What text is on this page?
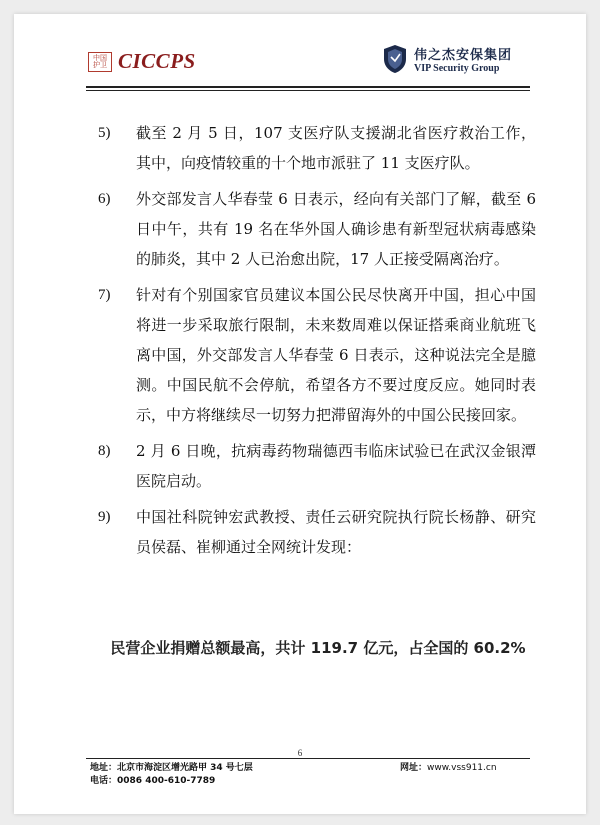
中国
护卫 CICCPS	伟之杰安保集团
VIP Security Group
5)	截至 2 月 5 日，107 支医疗队支援湖北省医疗救治工作，其中，向疫情较重的十个地市派驻了 11 支医疗队。
6)	外交部发言人华春莹 6 日表示，经向有关部门了解，截至 6 日中午，共有 19 名在华外国人确诊患有新型冠状病毒感染的肺炎，其中 2 人已治愈出院，17 人正接受隔离治疗。
7)	针对有个别国家官员建议本国公民尽快离开中国，担心中国将进一步采取旅行限制，未来数周难以保证搭乘商业航班飞离中国，外交部发言人华春莹 6 日表示，这种说法完全是臆测。中国民航不会停航，希望各方不要过度反应。她同时表示，中方将继续尽一切努力把滞留海外的中国公民接回家。
8)	2 月 6 日晚，抗病毒药物瑞德西韦临床试验已在武汉金银潭医院启动。
9)	中国社科院钟宏武教授、责任云研究院执行院长杨静、研究员侯磊、崔柳通过全网统计发现：
民营企业捐赠总额最高，共计 119.7 亿元，占全国的 60.2%
6
地址：北京市海淀区增光路甲 34 号七层
电话：0086 400-610-7789
网址：www.vss911.cn
